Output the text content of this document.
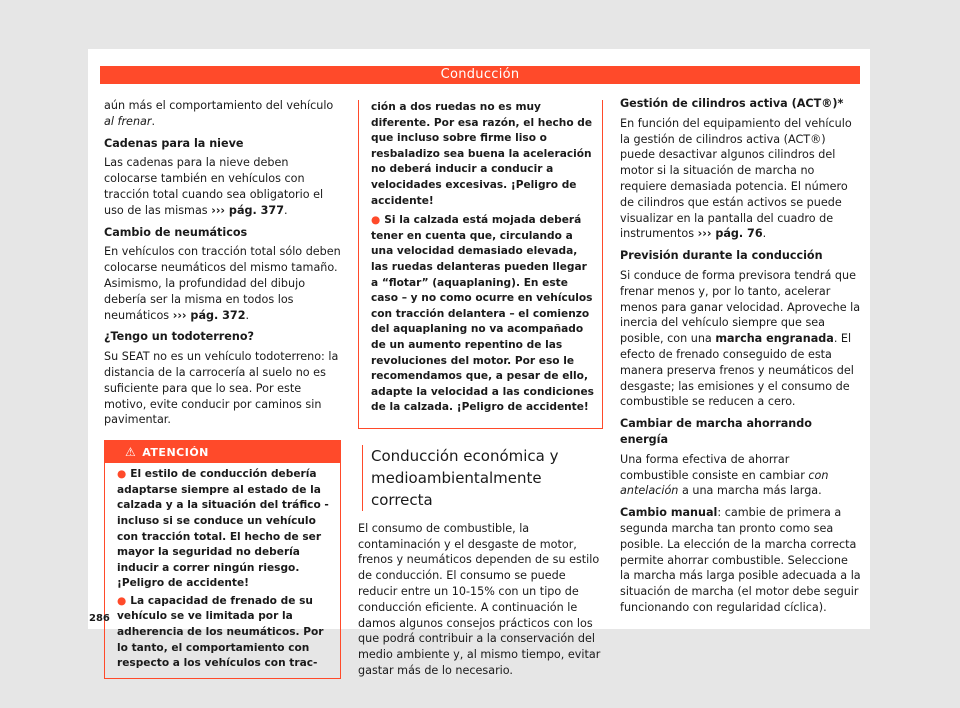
Conducción

aún más el comportamiento del vehículo al frenar.

Cadenas para la nieve

Las cadenas para la nieve deben colocarse también en vehículos con tracción total cuando sea obligatorio el uso de las mismas ››› pág. 377.

Cambio de neumáticos

En vehículos con tracción total sólo deben colocarse neumáticos del mismo tamaño. Asimismo, la profundidad del dibujo debería ser la misma en todos los neumáticos ››› pág. 372.

¿Tengo un todoterreno?

Su SEAT no es un vehículo todoterreno: la distancia de la carrocería al suelo no es suficiente para que lo sea. Por este motivo, evite conducir por caminos sin pavimentar.

⚠ ATENCIÓN

● El estilo de conducción debería adaptarse siempre al estado de la calzada y a la situación del tráfico - incluso si se conduce un vehículo con tracción total. El hecho de ser mayor la seguridad no debería inducir a correr ningún riesgo. ¡Peligro de accidente!

● La capacidad de frenado de su vehículo se ve limitada por la adherencia de los neumáticos. Por lo tanto, el comportamiento con respecto a los vehículos con trac-

ción a dos ruedas no es muy diferente. Por esa razón, el hecho de que incluso sobre firme liso o resbaladizo sea buena la aceleración no deberá inducir a conducir a velocidades excesivas. ¡Peligro de accidente!

● Si la calzada está mojada deberá tener en cuenta que, circulando a una velocidad demasiado elevada, las ruedas delanteras pueden llegar a “flotar” (aquaplaning). En este caso – y no como ocurre en vehículos con tracción delantera – el comienzo del aquaplaning no va acompañado de un aumento repentino de las revoluciones del motor. Por eso le recomendamos que, a pesar de ello, adapte la velocidad a las condiciones de la calzada. ¡Peligro de accidente!

Conducción económica y medioambientalmente correcta

El consumo de combustible, la contaminación y el desgaste de motor, frenos y neumáticos dependen de su estilo de conducción. El consumo se puede reducir entre un 10-15% con un tipo de conducción eficiente. A continuación le damos algunos consejos prácticos con los que podrá contribuir a la conservación del medio ambiente y, al mismo tiempo, evitar gastar más de lo necesario.

Gestión de cilindros activa (ACT®)*

En función del equipamiento del vehículo la gestión de cilindros activa (ACT®) puede desactivar algunos cilindros del motor si la situación de marcha no requiere demasiada potencia. El número de cilindros que están activos se puede visualizar en la pantalla del cuadro de instrumentos ››› pág. 76.

Previsión durante la conducción

Si conduce de forma previsora tendrá que frenar menos y, por lo tanto, acelerar menos para ganar velocidad. Aproveche la inercia del vehículo siempre que sea posible, con una marcha engranada. El efecto de frenado conseguido de esta manera preserva frenos y neumáticos del desgaste; las emisiones y el consumo de combustible se reducen a cero.

Cambiar de marcha ahorrando energía

Una forma efectiva de ahorrar combustible consiste en cambiar con antelación a una marcha más larga.

Cambio manual: cambie de primera a segunda marcha tan pronto como sea posible. La elección de la marcha correcta permite ahorrar combustible. Seleccione la marcha más larga posible adecuada a la situación de marcha (el motor debe seguir funcionando con regularidad cíclica).

286
